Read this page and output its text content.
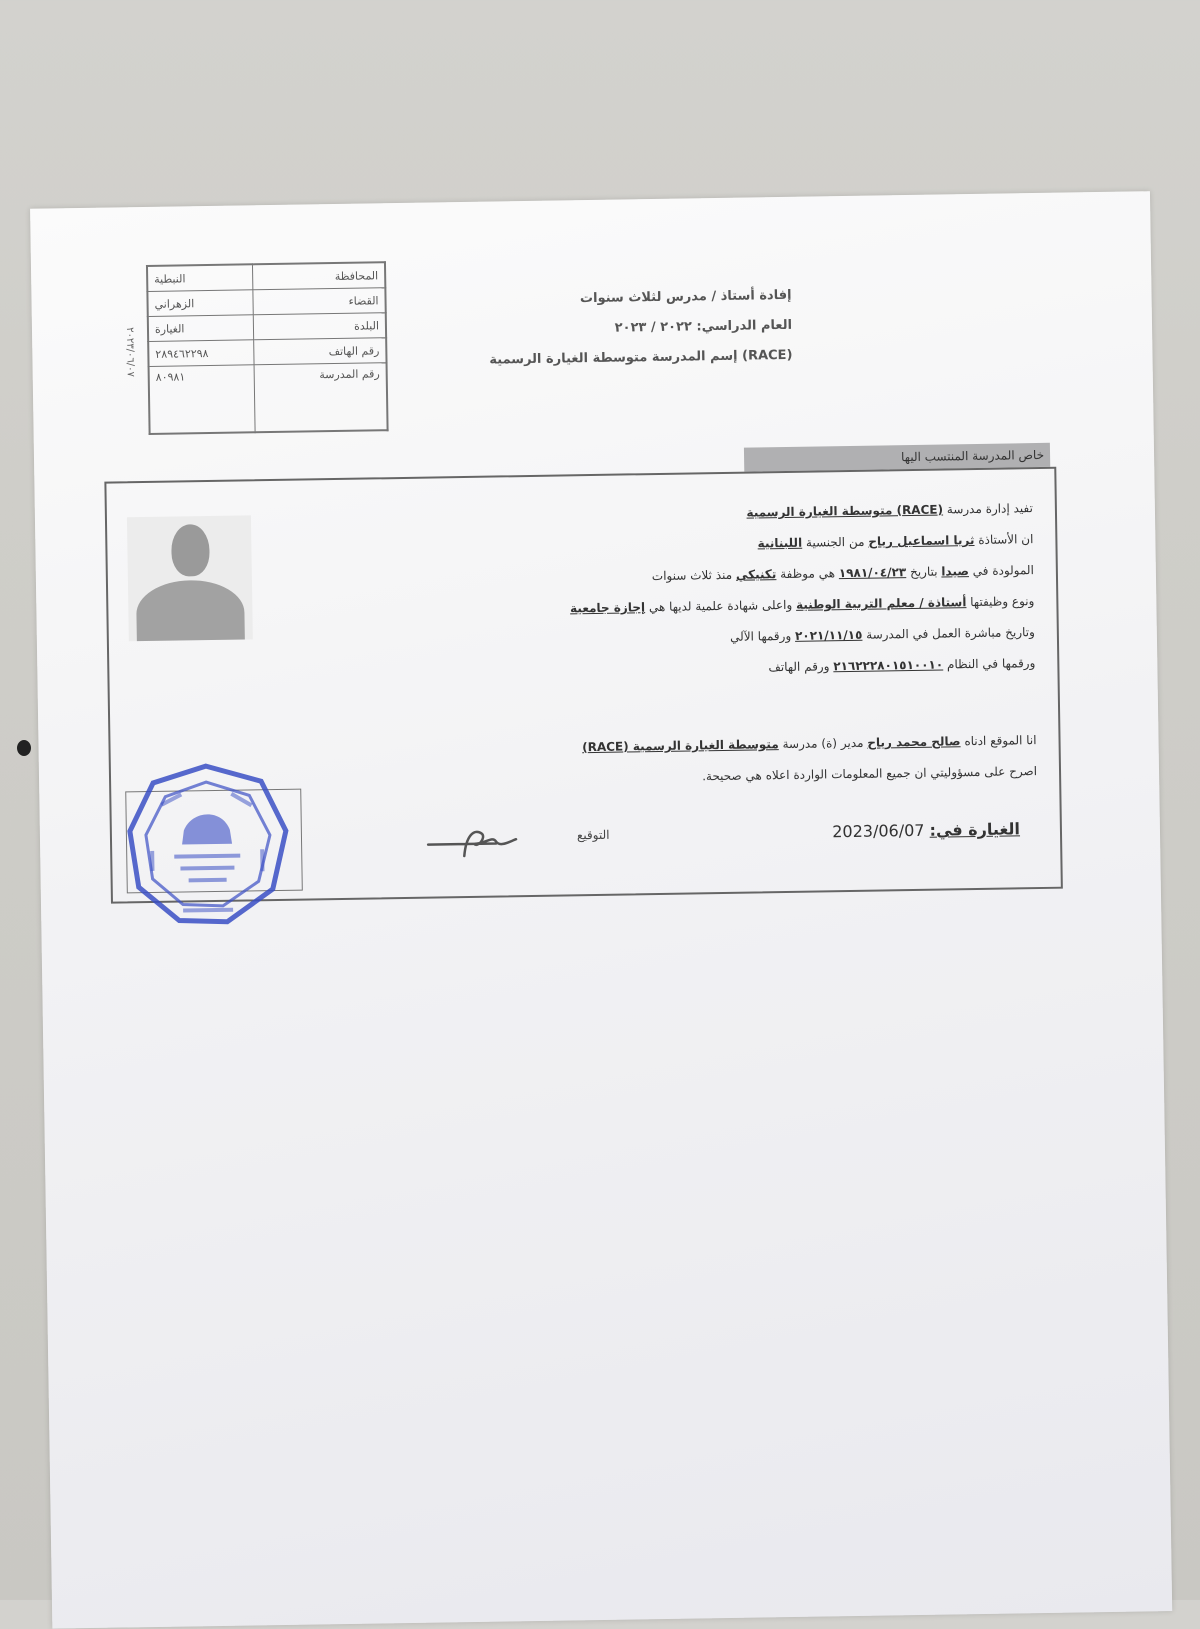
٢٠٢٣/٠٦/٠٧
النبطية	المحافظة
الزهراني	القضاء
الغيارة	البلدة
٢٨٩٤٦٢٢٩٨	رقم الهاتف
٨٠٩٨١	رقم المدرسة
إفادة أستاذ / مدرس لثلاث سنوات
العام الدراسي: ٢٠٢٢ / ٢٠٢٣
(RACE) إسم المدرسة متوسطة الغيارة الرسمية
خاص المدرسة المنتسب اليها
تفيد إدارة مدرسة (RACE) متوسطة الغيارة الرسمية
ان الأستاذة ثريا اسماعيل رياح من الجنسية اللبنانية
المولودة في صيدا بتاريخ ١٩٨١/٠٤/٢٣ هي موظفة تكنيكي منذ ثلاث سنوات
ونوع وظيفتها أستاذة / معلم التربية الوطنية واعلى شهادة علمية لديها هي إجازة جامعية
وتاريخ مباشرة العمل في المدرسة ٢٠٢١/١١/١٥ ورقمها الآلي
ورقمها في النظام ٢١٦٢٢٢٨٠١٥١٠٠١٠ ورقم الهاتف
انا الموقع ادناه صالح محمد رياح مدير (ة) مدرسة متوسطة الغيارة الرسمية (RACE)
اصرح على مسؤوليتي ان جميع المعلومات الواردة اعلاه هي صحيحة.
الغيارة في: 2023/06/07
التوقيع
